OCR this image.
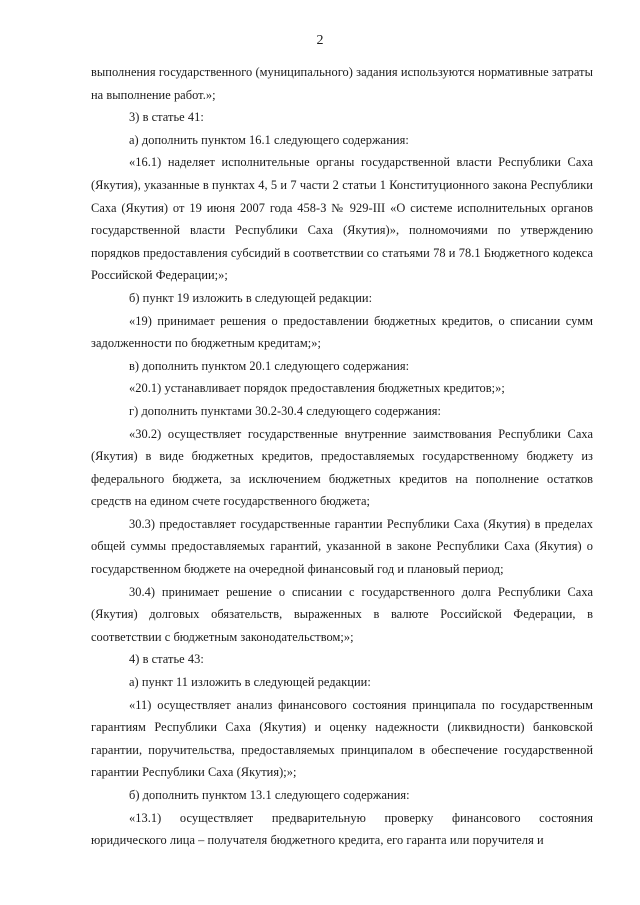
2

выполнения государственного (муниципального) задания используются нормативные затраты на выполнение работ.»;

3) в статье 41:

а) дополнить пунктом 16.1 следующего содержания:

«16.1) наделяет исполнительные органы государственной власти Республики Саха (Якутия), указанные в пунктах 4, 5 и 7 части 2 статьи 1 Конституционного закона Республики Саха (Якутия) от 19 июня 2007 года 458-З № 929-III «О системе исполнительных органов государственной власти Республики Саха (Якутия)», полномочиями по утверждению порядков предоставления субсидий в соответствии со статьями 78 и 78.1 Бюджетного кодекса Российской Федерации;»;

б) пункт 19 изложить в следующей редакции:

«19) принимает решения о предоставлении бюджетных кредитов, о списании сумм задолженности по бюджетным кредитам;»;

в) дополнить пунктом 20.1 следующего содержания:

«20.1) устанавливает порядок предоставления бюджетных кредитов;»;

г) дополнить пунктами 30.2-30.4 следующего содержания:

«30.2) осуществляет государственные внутренние заимствования Республики Саха (Якутия) в виде бюджетных кредитов, предоставляемых государственному бюджету из федерального бюджета, за исключением бюджетных кредитов на пополнение остатков средств на едином счете государственного бюджета;

30.3) предоставляет государственные гарантии Республики Саха (Якутия) в пределах общей суммы предоставляемых гарантий, указанной в законе Республики Саха (Якутия) о государственном бюджете на очередной финансовый год и плановый период;

30.4) принимает решение о списании с государственного долга Республики Саха (Якутия) долговых обязательств, выраженных в валюте Российской Федерации, в соответствии с бюджетным законодательством;»;

4) в статье 43:

а) пункт 11 изложить в следующей редакции:

«11) осуществляет анализ финансового состояния принципала по государственным гарантиям Республики Саха (Якутия) и оценку надежности (ликвидности) банковской гарантии, поручительства, предоставляемых принципалом в обеспечение государственной гарантии Республики Саха (Якутия);»;

б) дополнить пунктом 13.1 следующего содержания:

«13.1) осуществляет предварительную проверку финансового состояния юридического лица – получателя бюджетного кредита, его гаранта или поручителя и
